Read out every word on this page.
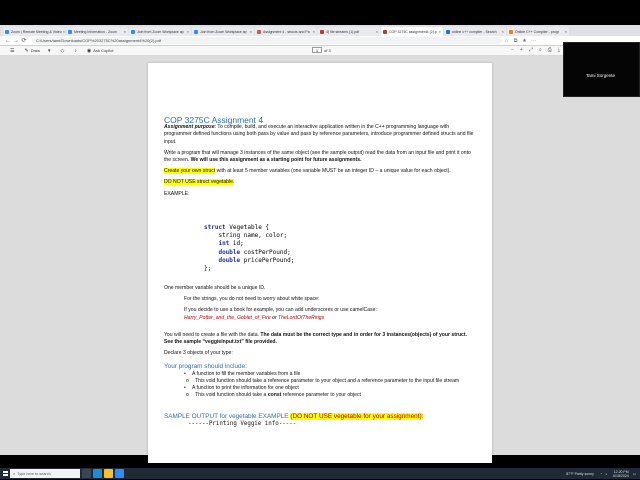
Zoom | Remote Meeting & Video ×	Meeting Information - Zoom	×	Join from Zoom Workplace ap ×	Join from Zoom Workplace ap ×	Assignment 4 - structs and Pa ×	4) file streams (1).pdf	×	COP 3275C assignment4 (2).p ×	online c++ compiler - Search	×	Online C++ Compiler - progr	×
← → ⟳	C:/Users/tami/Downloads/COP%203275C%20assignment4%20(2).pdf	☆ ⧉ ★ ⋯
☰ ✎ Draw ▾ ◇ ♪ ◉ Ask Copilot
1	of 3	− + ⤢ ⌕ ⎙ ⤓
COP 3275C Assignment 4

Assignment purpose: To compile, build, and execute an interactive application written in the C++ programming language with programmer defined functions using both pass by value and pass by reference parameters, introduce programmer defined structs and file input.

Write a program that will manage 3 instances of the same object (see the sample output) read the data from an input file and print it onto the screen. We will use this assignment as a starting point for future assignments.

Create your own struct with at least 5 member variables (one variable MUST be an integer ID – a unique value for each object).

DO NOT USE struct vegetable.

EXAMPLE:

struct Vegetable {
string name, color;
int id;
double costPerPound;
double pricePerPound;
};

One member variable should be a unique ID.

For the strings, you do not need to worry about white space:

If you decide to use a book for example, you can add underscores or use camelCase:

Harry_Potter_and_the_Goblet_of_Fire or TheLordOfTheRings

You will need to create a file with the data. The data must be the correct type and in order for 3 instances(objects) of your struct. See the sample “veggieInput.txt” file provided.

Declare 3 objects of your type:

Your program should include:
•	A function to fill the member variables from a file
o	This void function should take a reference parameter to your object and a reference parameter to the input file stream
•	A function to print the information for one object
o	This void function should take a const reference parameter to your object
SAMPLE OUTPUT for vegetable EXAMPLE (DO NOT USE vegetable for your assignment):
------Printing Veggie info-----
⌕ Type here to search	87°F Partly sunny ◔ ◖ 12:20 PM
6/18/2024 ▭
Tami Sorgente
